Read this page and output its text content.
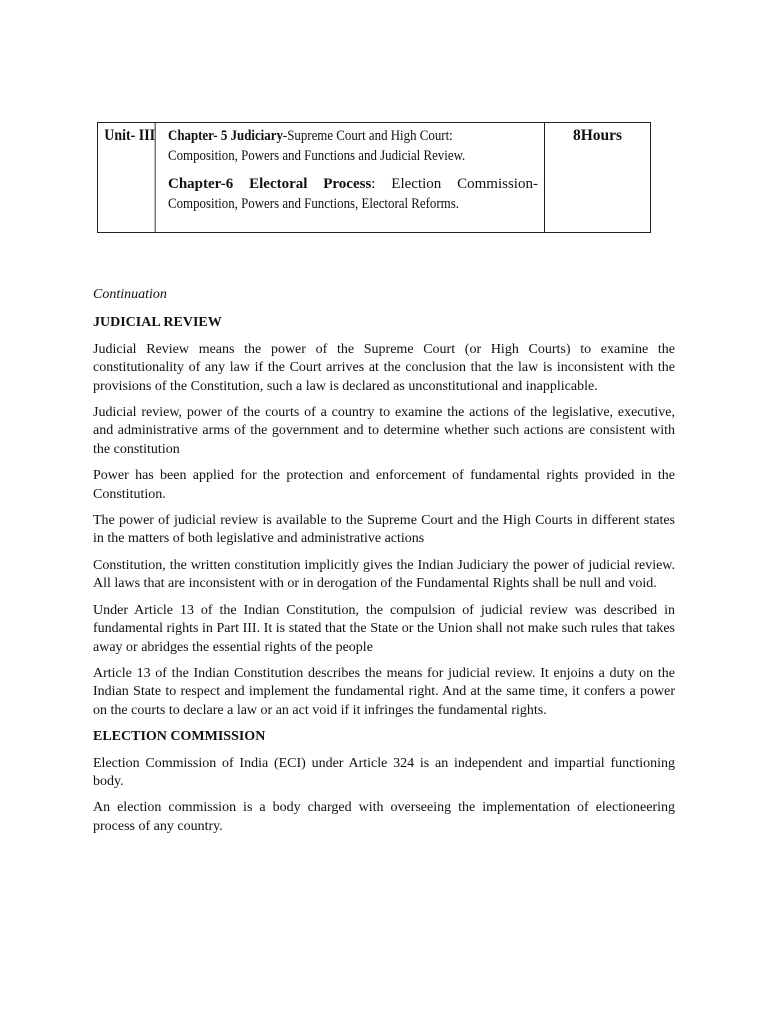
Unit- III Chapter- 5 Judiciary-Supreme Court and High Court:
Composition, Powers and Functions and Judicial Review.
Chapter-6 Electoral Process: Election Commission-
Composition, Powers and Functions, Electoral Reforms.
8Hours
Continuation
JUDICIAL REVIEW

Judicial Review means the power of the Supreme Court (or High Courts) to examine the constitutionality of any law if the Court arrives at the conclusion that the law is inconsistent with the provisions of the Constitution, such a law is declared as unconstitutional and inapplicable.

Judicial review, power of the courts of a country to examine the actions of the legislative, executive, and administrative arms of the government and to determine whether such actions are consistent with the constitution

Power has been applied for the protection and enforcement of fundamental rights provided in the Constitution.

The power of judicial review is available to the Supreme Court and the High Courts in different states in the matters of both legislative and administrative actions

Constitution, the written constitution implicitly gives the Indian Judiciary the power of judicial review. All laws that are inconsistent with or in derogation of the Fundamental Rights shall be null and void.

Under Article 13 of the Indian Constitution, the compulsion of judicial review was described in fundamental rights in Part III. It is stated that the State or the Union shall not make such rules that takes away or abridges the essential rights of the people

Article 13 of the Indian Constitution describes the means for judicial review. It enjoins a duty on the Indian State to respect and implement the fundamental right. And at the same time, it confers a power on the courts to declare a law or an act void if it infringes the fundamental rights.

ELECTION COMMISSION

Election Commission of India (ECI) under Article 324 is an independent and impartial functioning body.

An election commission is a body charged with overseeing the implementation of electioneering process of any country.
